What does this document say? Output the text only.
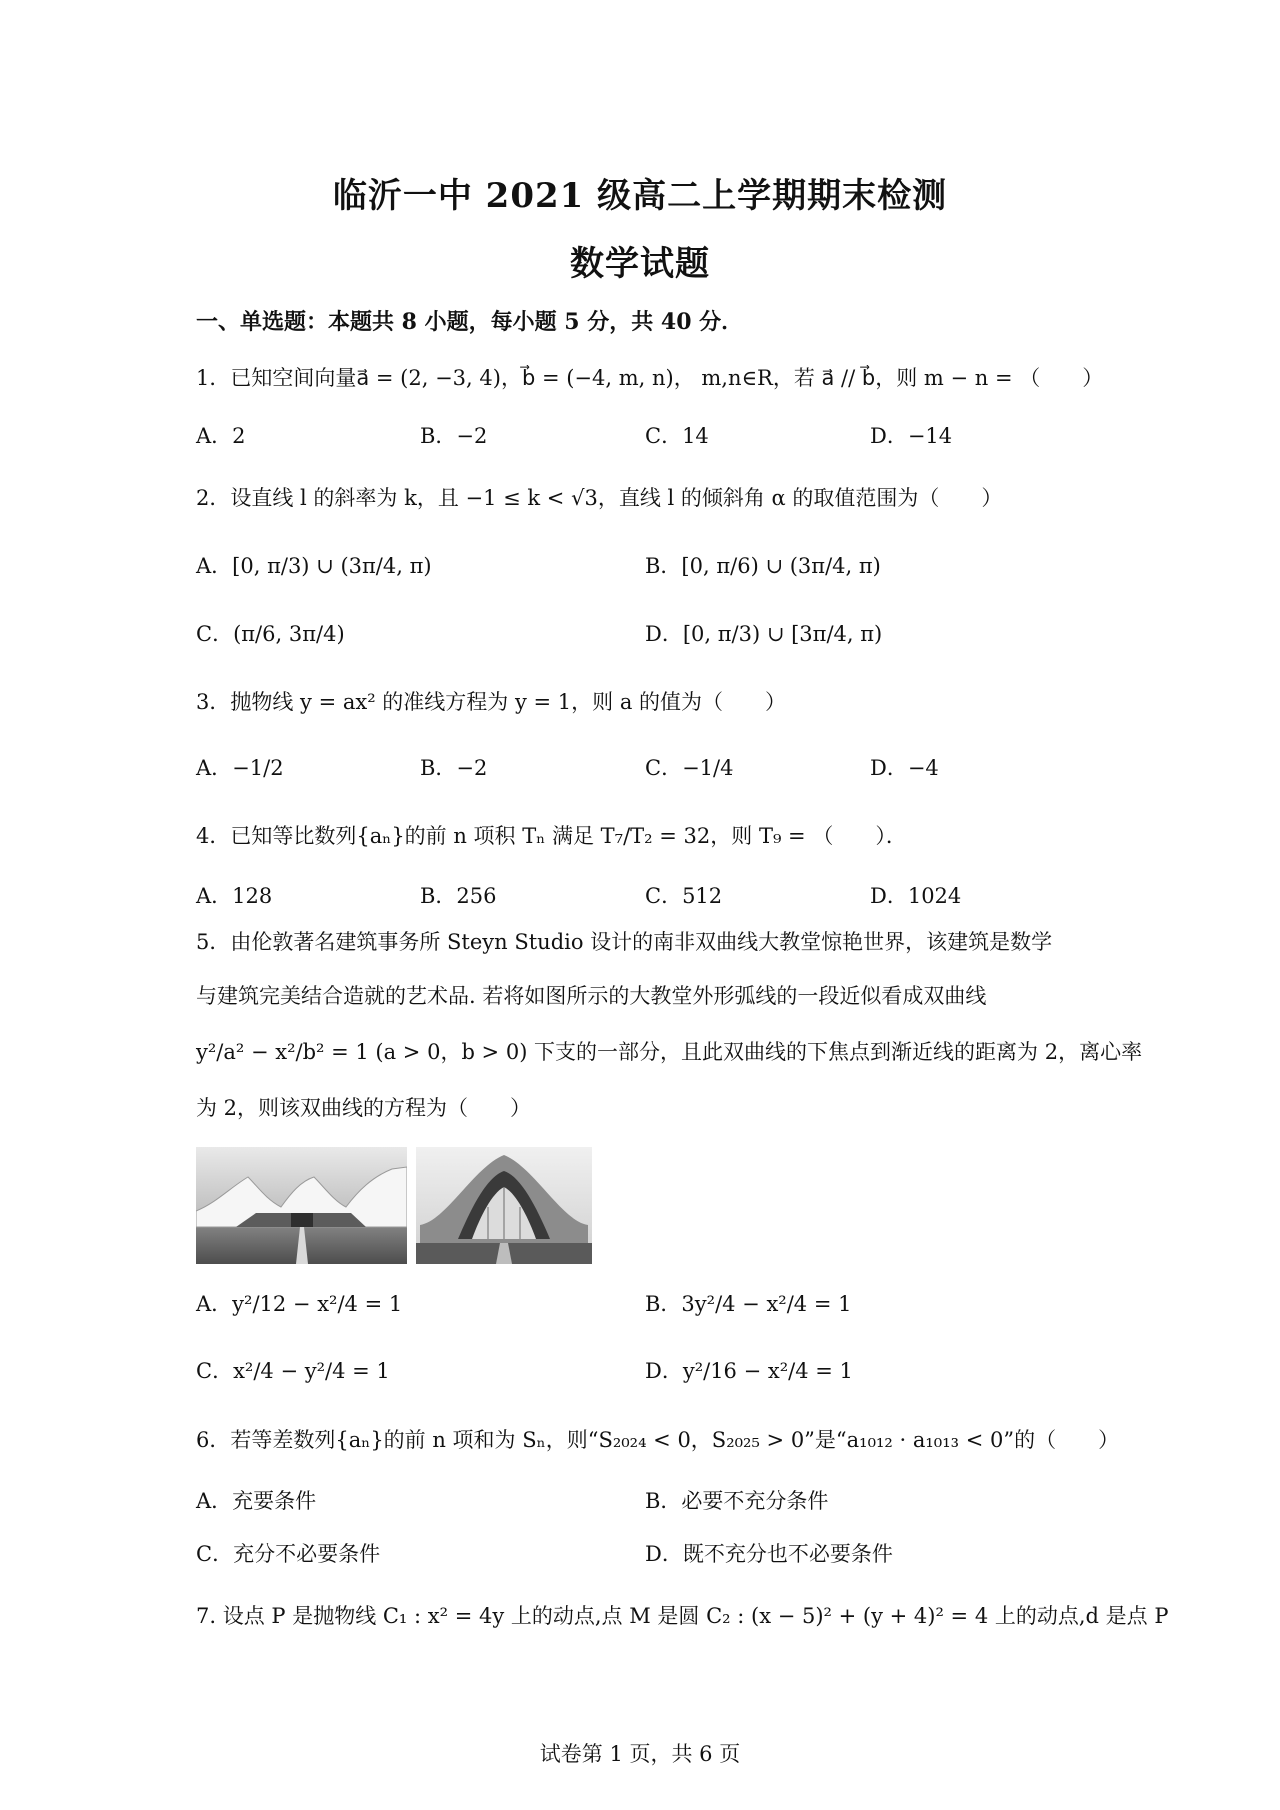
临沂一中 2021 级高二上学期期末检测
数学试题
一、单选题：本题共 8 小题，每小题 5 分，共 40 分．
1．已知空间向量a⃗ = (2, −3, 4)，b⃗ = (−4, m, n)， m,n∈R，若 a⃗ // b⃗，则 m − n = （　　）
A．2	B．−2	C．14	D．−14
2．设直线 l 的斜率为 k，且 −1 ≤ k < √3，直线 l 的倾斜角 α 的取值范围为（　　）
A．[0, π/3) ∪ (3π/4, π)	B．[0, π/6) ∪ (3π/4, π)
C．(π/6, 3π/4)	D．[0, π/3) ∪ [3π/4, π)
3．抛物线 y = ax² 的准线方程为 y = 1，则 a 的值为（　　）
A．−1/2	B．−2	C．−1/4	D．−4
4．已知等比数列{aₙ}的前 n 项积 Tₙ 满足 T₇/T₂ = 32，则 T₉ = （　　）．
A．128	B．256	C．512	D．1024
5．由伦敦著名建筑事务所 Steyn Studio 设计的南非双曲线大教堂惊艳世界，该建筑是数学
与建筑完美结合造就的艺术品. 若将如图所示的大教堂外形弧线的一段近似看成双曲线
y²/a² − x²/b² = 1 (a > 0，b > 0) 下支的一部分，且此双曲线的下焦点到渐近线的距离为 2，离心率
为 2，则该双曲线的方程为（　　）
A．y²/12 − x²/4 = 1	B．3y²/4 − x²/4 = 1
C．x²/4 − y²/4 = 1	D．y²/16 − x²/4 = 1
6．若等差数列{aₙ}的前 n 项和为 Sₙ，则“S₂₀₂₄ < 0，S₂₀₂₅ > 0”是“a₁₀₁₂ · a₁₀₁₃ < 0”的（　　）
A．充要条件	B．必要不充分条件
C．充分不必要条件	D．既不充分也不必要条件
7. 设点 P 是抛物线 C₁ : x² = 4y 上的动点,点 M 是圆 C₂ : (x − 5)² + (y + 4)² = 4 上的动点,d 是点 P
试卷第 1 页，共 6 页
